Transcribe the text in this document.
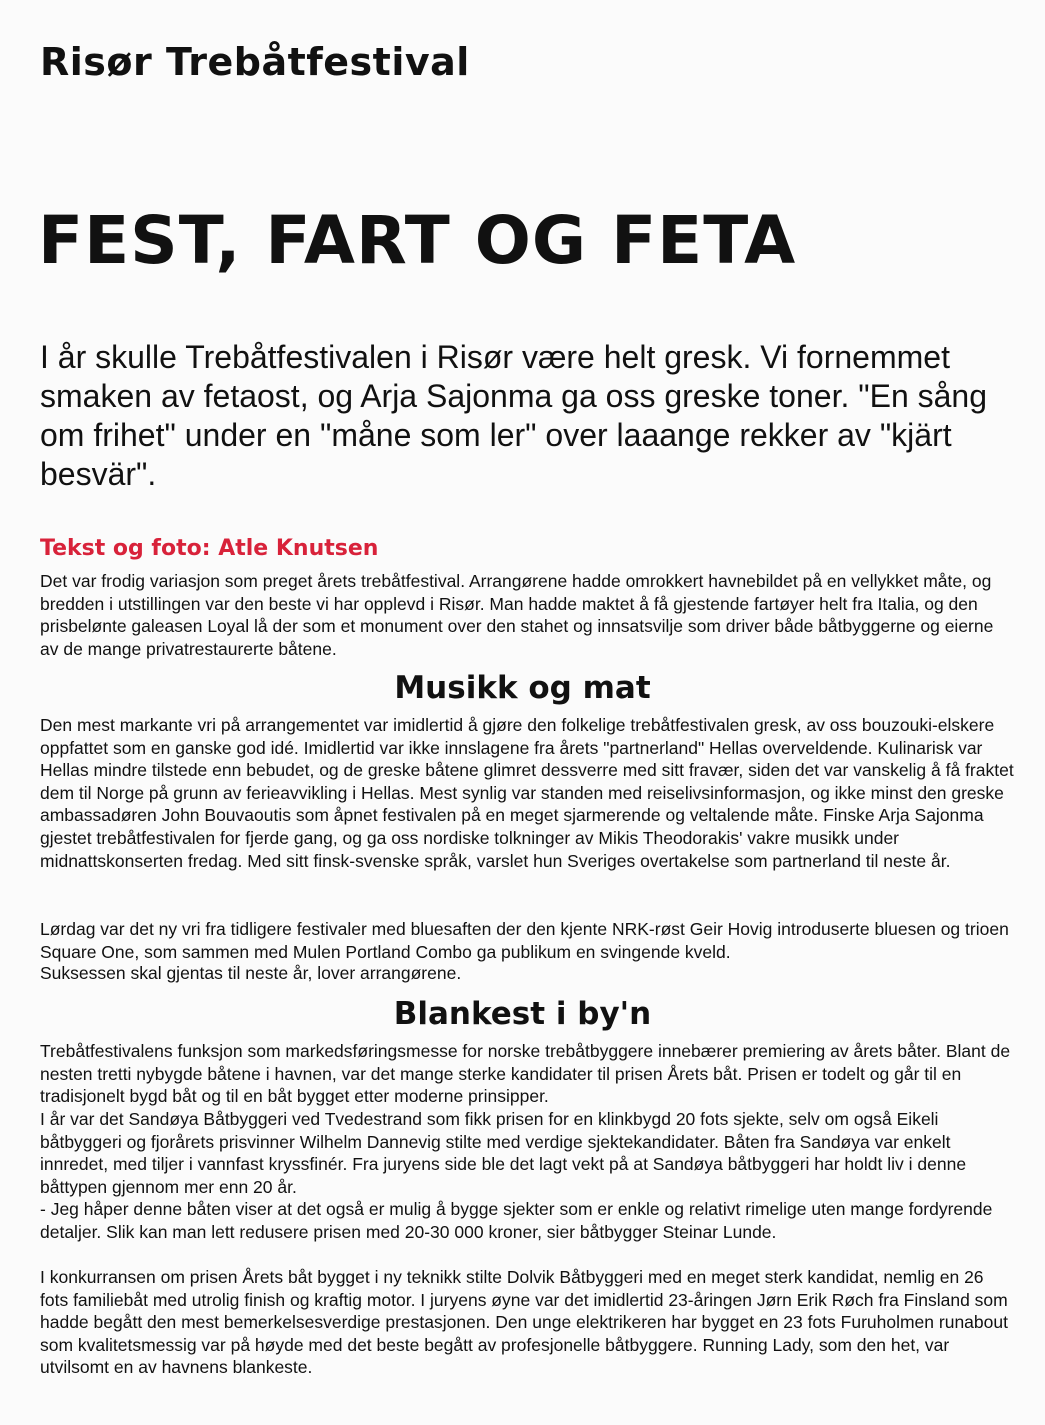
Risør Trebåtfestival
FEST, FART OG FETA

I år skulle Trebåtfestivalen i Risør være helt gresk. Vi fornemmet smaken av fetaost, og Arja Sajonma ga oss greske toner. "En sång om frihet" under en "måne som ler" over laaange rekker av "kjärt besvär".

Tekst og foto: Atle Knutsen

Det var frodig variasjon som preget årets trebåtfestival. Arrangørene hadde omrokkert havnebildet på en vellykket måte, og bredden i utstillingen var den beste vi har opplevd i Risør. Man hadde maktet å få gjestende fartøyer helt fra Italia, og den prisbelønte galeasen Loyal lå der som et monument over den stahet og innsatsvilje som driver både båtbyggerne og eierne av de mange privatrestaurerte båtene.

Musikk og mat

Den mest markante vri på arrangementet var imidlertid å gjøre den folkelige trebåtfestivalen gresk, av oss bouzouki-elskere oppfattet som en ganske god idé. Imidlertid var ikke innslagene fra årets "partnerland" Hellas overveldende. Kulinarisk var Hellas mindre tilstede enn bebudet, og de greske båtene glimret dessverre med sitt fravær, siden det var vanskelig å få fraktet dem til Norge på grunn av ferieavvikling i Hellas. Mest synlig var standen med reiselivsinformasjon, og ikke minst den greske ambassadøren John Bouvaoutis som åpnet festivalen på en meget sjarmerende og veltalende måte. Finske Arja Sajonma gjestet trebåtfestivalen for fjerde gang, og ga oss nordiske tolkninger av Mikis Theodorakis' vakre musikk under midnattskonserten fredag. Med sitt finsk-svenske språk, varslet hun Sveriges overtakelse som partnerland til neste år.

Lørdag var det ny vri fra tidligere festivaler med bluesaften der den kjente NRK-røst Geir Hovig introduserte bluesen og trioen Square One, som sammen med Mulen Portland Combo ga publikum en svingende kveld.

Suksessen skal gjentas til neste år, lover arrangørene.

Blankest i by'n

Trebåtfestivalens funksjon som markedsføringsmesse for norske trebåtbyggere innebærer premiering av årets båter. Blant de nesten tretti nybygde båtene i havnen, var det mange sterke kandidater til prisen Årets båt. Prisen er todelt og går til en tradisjonelt bygd båt og til en båt bygget etter moderne prinsipper.

I år var det Sandøya Båtbyggeri ved Tvedestrand som fikk prisen for en klinkbygd 20 fots sjekte, selv om også Eikeli båtbyggeri og fjorårets prisvinner Wilhelm Dannevig stilte med verdige sjektekandidater. Båten fra Sandøya var enkelt innredet, med tiljer i vannfast kryssfinér. Fra juryens side ble det lagt vekt på at Sandøya båtbyggeri har holdt liv i denne båttypen gjennom mer enn 20 år.

- Jeg håper denne båten viser at det også er mulig å bygge sjekter som er enkle og relativt rimelige uten mange fordyrende detaljer. Slik kan man lett redusere prisen med 20-30 000 kroner, sier båtbygger Steinar Lunde.

I konkurransen om prisen Årets båt bygget i ny teknikk stilte Dolvik Båtbyggeri med en meget sterk kandidat, nemlig en 26 fots familiebåt med utrolig finish og kraftig motor. I juryens øyne var det imidlertid 23-åringen Jørn Erik Røch fra Finsland som hadde begått den mest bemerkelsesverdige prestasjonen. Den unge elektrikeren har bygget en 23 fots Furuholmen runabout som kvalitetsmessig var på høyde med det beste begått av profesjonelle båtbyggere. Running Lady, som den het, var utvilsomt en av havnens blankeste.
